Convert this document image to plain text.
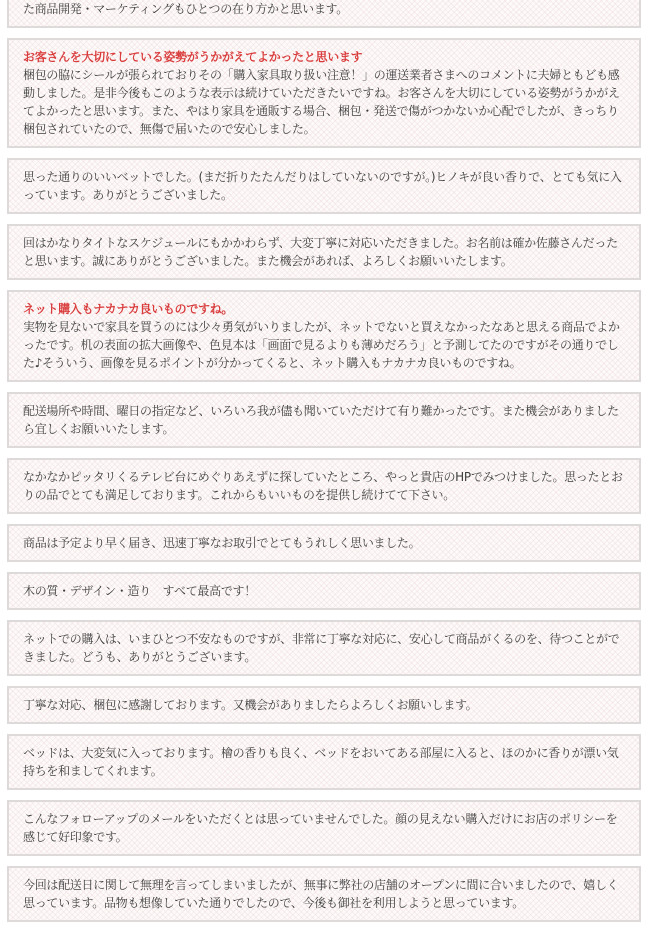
た商品開発・マーケティングもひとつの在り方かと思います。

お客さんを大切にしている姿勢がうかがえてよかったと思います

梱包の脇にシールが張られておりその「購入家具取り扱い注意！」の運送業者さまへのコメントに夫婦ともども感動しました。是非今後もこのような表示は続けていただきたいですね。お客さんを大切にしている姿勢がうかがえてよかったと思います。また、やはり家具を通販する場合、梱包・発送で傷がつかないか心配でしたが、きっちり梱包されていたので、無傷で届いたので安心しました。

思った通りのいいベットでした。(まだ折りたたんだりはしていないのですが。)ヒノキが良い香りで、とても気に入っています。ありがとうございました。

回はかなりタイトなスケジュールにもかかわらず、大変丁寧に対応いただきました。お名前は確か佐藤さんだったと思います。誠にありがとうございました。また機会があれば、よろしくお願いいたします。

ネット購入もナカナカ良いものですね。

実物を見ないで家具を買うのには少々勇気がいりましたが、ネットでないと買えなかったなあと思える商品でよかったです。机の表面の拡大画像や、色見本は「画面で見るよりも薄めだろう」と予測してたのですがその通りでした♪そういう、画像を見るポイントが分かってくると、ネット購入もナカナカ良いものですね。

配送場所や時間、曜日の指定など、いろいろ我が儘も聞いていただけて有り難かったです。また機会がありましたら宜しくお願いいたします。

なかなかピッタリくるテレビ台にめぐりあえずに探していたところ、やっと貴店のHPでみつけました。思ったとおりの品でとても満足しております。これからもいいものを提供し続けてて下さい。

商品は予定より早く届き、迅速丁寧なお取引でとてもうれしく思いました。

木の質・デザイン・造り　すべて最高です！

ネットでの購入は、いまひとつ不安なものですが、非常に丁寧な対応に、安心して商品がくるのを、待つことができました。どうも、ありがとうございます。

丁寧な対応、梱包に感謝しております。又機会がありましたらよろしくお願いします。

ベッドは、大変気に入っております。檜の香りも良く、ベッドをおいてある部屋に入ると、ほのかに香りが漂い気持ちを和ましてくれます。

こんなフォローアップのメールをいただくとは思っていませんでした。顔の見えない購入だけにお店のポリシーを感じて好印象です。

今回は配送日に関して無理を言ってしまいましたが、無事に弊社の店舗のオープンに間に合いましたので、嬉しく思っています。品物も想像していた通りでしたので、今後も御社を利用しようと思っています。
